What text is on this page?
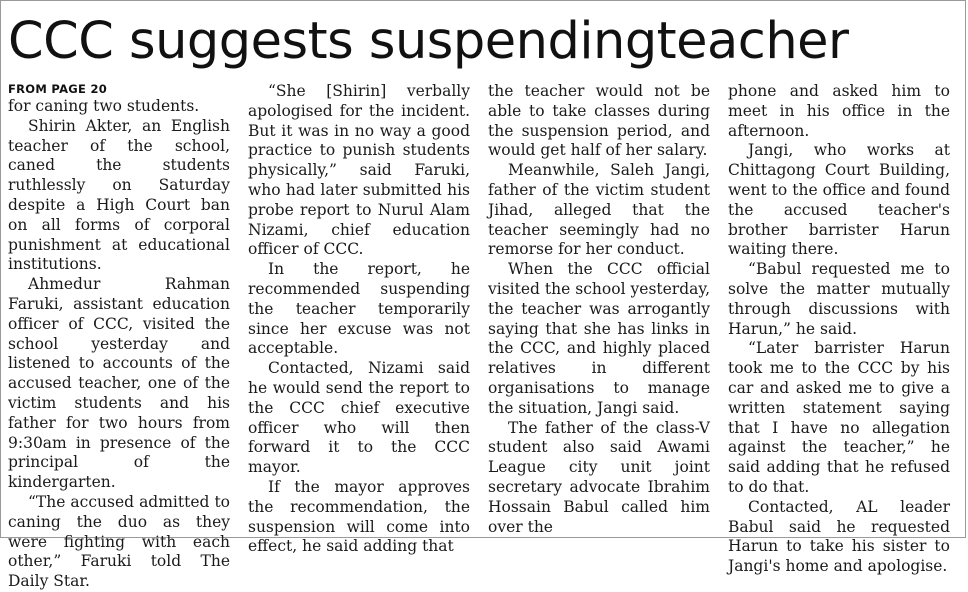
CCC suggests suspendingteacher
FROM PAGE 20

for caning two students.

Shirin Akter, an English teacher of the school, caned the students ruthlessly on Saturday despite a High Court ban on all forms of corporal punishment at educational institutions.

Ahmedur Rahman Faruki, assistant education officer of CCC, visited the school yesterday and listened to accounts of the accused teacher, one of the victim students and his father for two hours from 9:30am in presence of the principal of the kindergarten.

“The accused admitted to caning the duo as they were fighting with each other,” Faruki told The Daily Star.

“She [Shirin] verbally apologised for the incident. But it was in no way a good practice to punish students physically,” said Faruki, who had later submitted his probe report to Nurul Alam Nizami, chief education officer of CCC.

In the report, he recommended suspending the teacher temporarily since her excuse was not acceptable.

Contacted, Nizami said he would send the report to the CCC chief executive officer who will then forward it to the CCC mayor.

If the mayor approves the recommendation, the suspension will come into effect, he said adding that

the teacher would not be able to take classes during the suspension period, and would get half of her salary.

Meanwhile, Saleh Jangi, father of the victim student Jihad, alleged that the teacher seemingly had no remorse for her conduct.

When the CCC official visited the school yesterday, the teacher was arrogantly saying that she has links in the CCC, and highly placed relatives in different organisations to manage the situation, Jangi said.

The father of the class-V student also said Awami League city unit joint secretary advocate Ibrahim Hossain Babul called him over the

phone and asked him to meet in his office in the afternoon.

Jangi, who works at Chittagong Court Building, went to the office and found the accused teacher's brother barrister Harun waiting there.

“Babul requested me to solve the matter mutually through discussions with Harun,” he said.

“Later barrister Harun took me to the CCC by his car and asked me to give a written statement saying that I have no allegation against the teacher,” he said adding that he refused to do that.

Contacted, AL leader Babul said he requested Harun to take his sister to Jangi's home and apologise.
